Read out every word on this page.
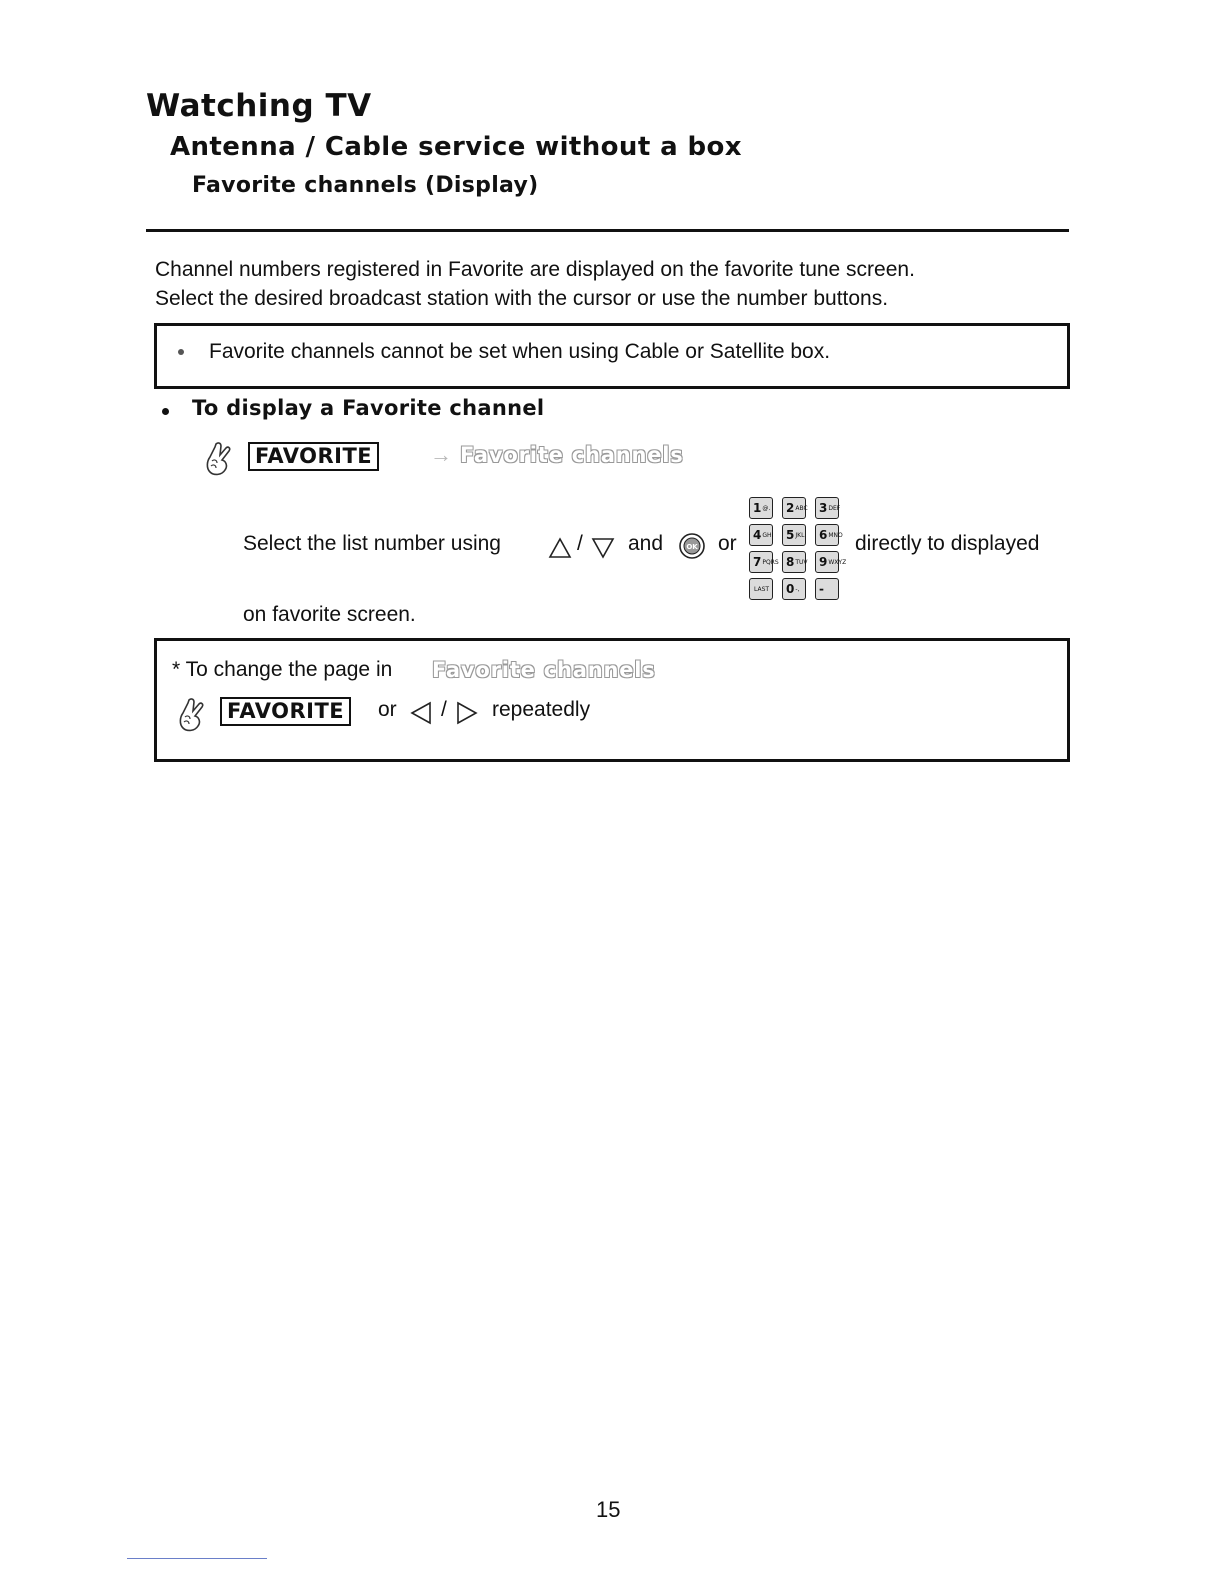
Watching TV
Antenna / Cable service without a box
Favorite channels (Display)
Channel numbers registered in Favorite are displayed on the favorite tune screen.
Select the desired broadcast station with the cursor or use the number buttons.
Favorite channels cannot be set when using Cable or Satellite box.
To display a Favorite channel
FAVORITE	→ Favorite channels
Select the list number using	/ and	OK or
1 @. 2 ABC 3 DEF
4 GHI 5 JKL 6 MNO
7 PQRS 8 TUV 9 WXYZ
LAST 0 -, -
directly to displayed
on favorite screen.
* To change the page in Favorite channels
FAVORITE	or / repeatedly
15
